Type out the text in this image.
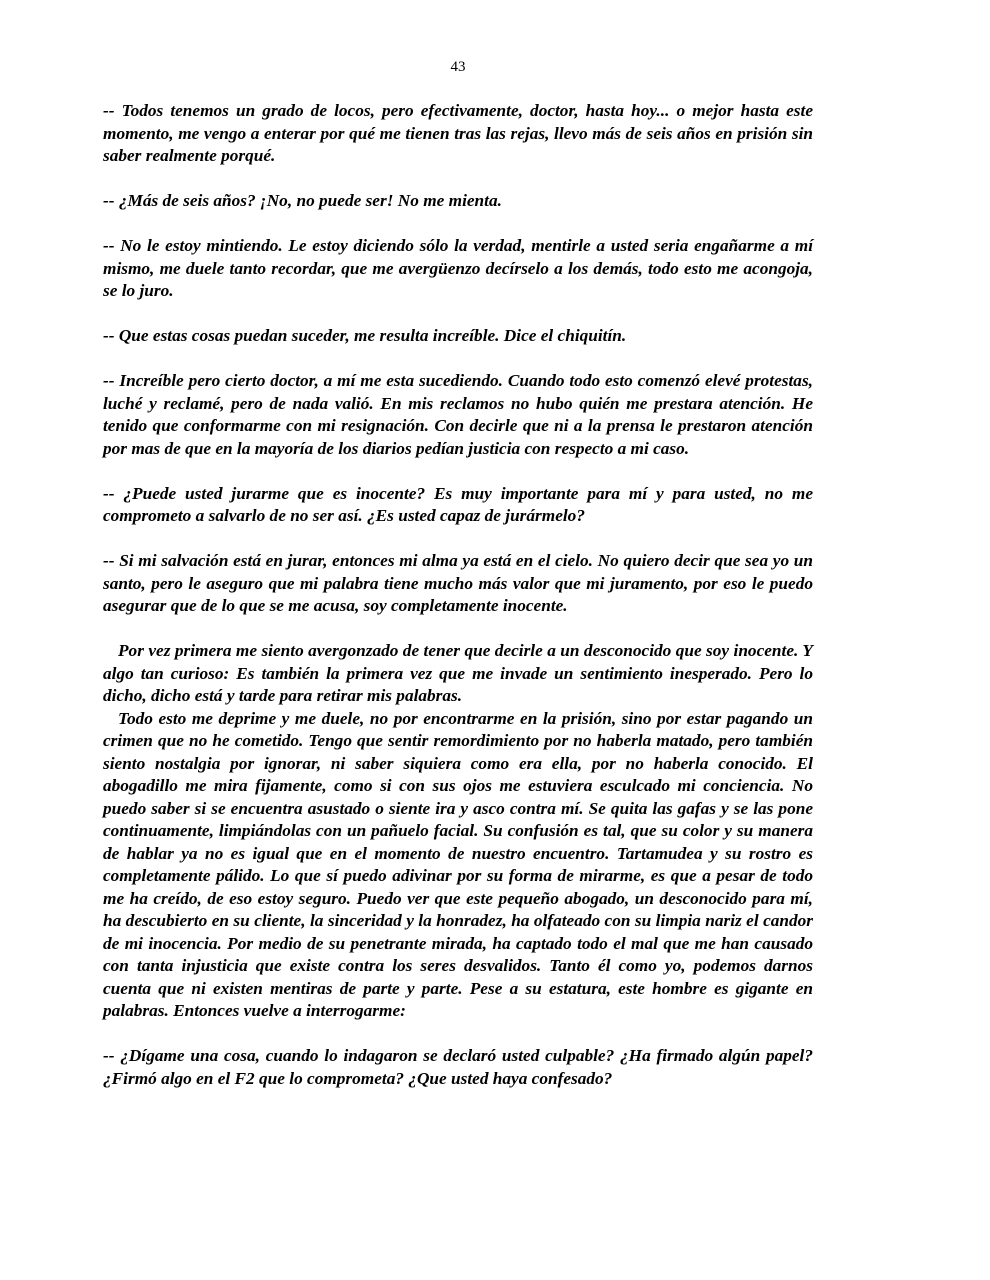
43

-- Todos tenemos un grado de locos, pero efectivamente, doctor, hasta hoy... o mejor hasta este momento, me vengo a enterar por qué me tienen tras las rejas, llevo más de seis años en prisión sin saber realmente porqué.

-- ¿Más de seis años? ¡No, no puede ser! No me mienta.

-- No le estoy mintiendo. Le estoy diciendo sólo la verdad, mentirle a usted seria engañarme a mí mismo, me duele tanto recordar, que me avergüenzo decírselo a los demás, todo esto me acongoja, se lo juro.

-- Que estas cosas puedan suceder, me resulta increíble. Dice el chiquitín.

-- Increíble pero cierto doctor, a mí me esta sucediendo. Cuando todo esto comenzó elevé protestas, luché y reclamé, pero de nada valió. En mis reclamos no hubo quién me prestara atención. He tenido que conformarme con mi resignación. Con decirle que ni a la prensa le prestaron atención por mas de que en la mayoría de los diarios pedían justicia con respecto a mi caso.

-- ¿Puede usted jurarme que es inocente? Es muy importante para mí y para usted, no me comprometo a salvarlo de no ser así. ¿Es usted capaz de jurármelo?

-- Si mi salvación está en jurar, entonces mi alma ya está en el cielo. No quiero decir que sea yo un santo, pero le aseguro que mi palabra tiene mucho más valor que mi juramento, por eso le puedo asegurar que de lo que se me acusa, soy completamente inocente.

Por vez primera me siento avergonzado de tener que decirle a un desconocido que soy inocente. Y algo tan curioso: Es también la primera vez que me invade un sentimiento inesperado. Pero lo dicho, dicho está y tarde para retirar mis palabras.

Todo esto me deprime y me duele, no por encontrarme en la prisión, sino por estar pagando un crimen que no he cometido. Tengo que sentir remordimiento por no haberla matado, pero también siento nostalgia por ignorar, ni saber siquiera como era ella, por no haberla conocido. El abogadillo me mira fijamente, como si con sus ojos me estuviera esculcado mi conciencia. No puedo saber si se encuentra asustado o siente ira y asco contra mí. Se quita las gafas y se las pone continuamente, limpiándolas con un pañuelo facial. Su confusión es tal, que su color y su manera de hablar ya no es igual que en el momento de nuestro encuentro. Tartamudea y su rostro es completamente pálido. Lo que sí puedo adivinar por su forma de mirarme, es que a pesar de todo me ha creído, de eso estoy seguro. Puedo ver que este pequeño abogado, un desconocido para mí, ha descubierto en su cliente, la sinceridad y la honradez, ha olfateado con su limpia nariz el candor de mi inocencia. Por medio de su penetrante mirada, ha captado todo el mal que me han causado con tanta injusticia que existe contra los seres desvalidos. Tanto él como yo, podemos darnos cuenta que ni existen mentiras de parte y parte. Pese a su estatura, este hombre es gigante en palabras. Entonces vuelve a interrogarme:

-- ¿Dígame una cosa, cuando lo indagaron se declaró usted culpable? ¿Ha firmado algún papel? ¿Firmó algo en el F2 que lo comprometa? ¿Que usted haya confesado?
